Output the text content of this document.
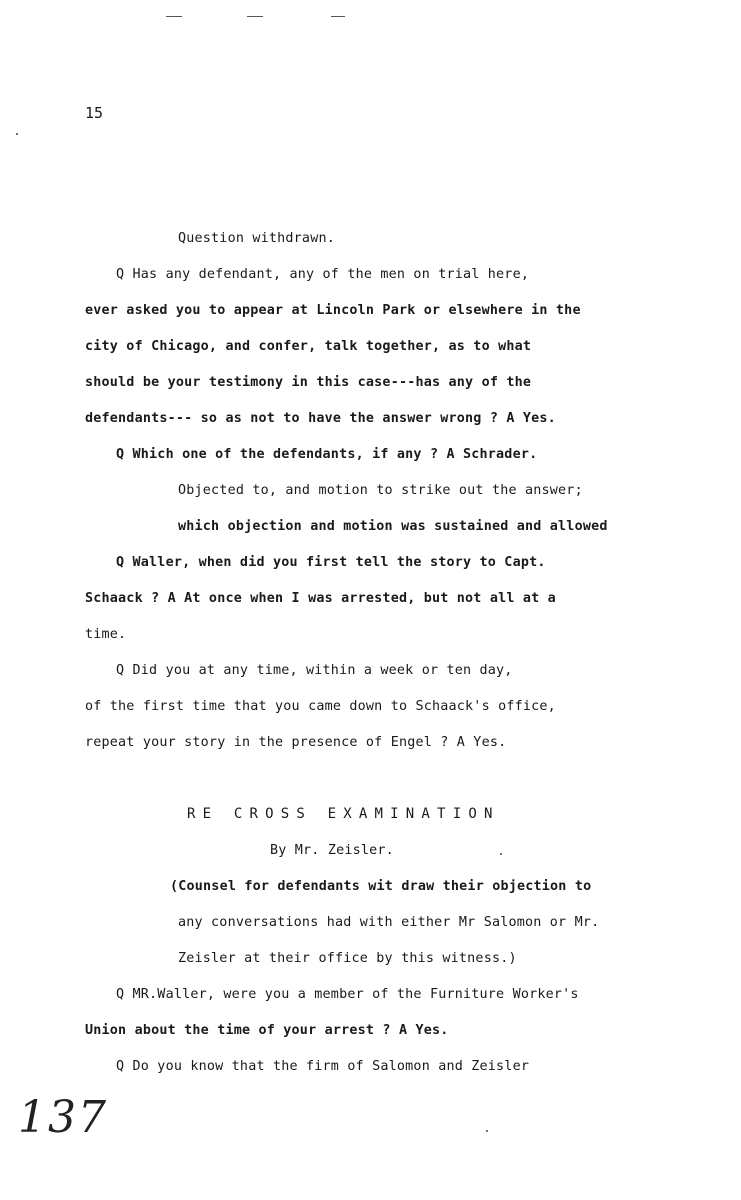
15
Question withdrawn.
Q Has any defendant, any of the men on trial here,
ever asked you to appear at Lincoln Park or elsewhere in the
city of Chicago, and confer, talk together, as to what
should be your testimony in this case---has any of the
defendants--- so as not to have the answer wrong ? A Yes.
Q Which one of the defendants, if any ? A Schrader.
Objected to, and motion to strike out the answer;
which objection and motion was sustained and allowed
Q Waller, when did you first tell the story to Capt.
Schaack ? A At once when I was arrested, but not all at a
time.
Q Did you at any time, within a week or ten day,
of the first time that you came down to Schaack's office,
repeat your story in the presence of Engel ? A Yes.
RE CROSS EXAMINATION
By Mr. Zeisler.
(Counsel for defendants wit draw their objection to
any conversations had with either Mr Salomon or Mr.
Zeisler at their office by this witness.)
Q MR.Waller, were you a member of the Furniture Worker's
Union about the time of your arrest ? A Yes.
Q Do you know that the firm of Salomon and Zeisler
137
